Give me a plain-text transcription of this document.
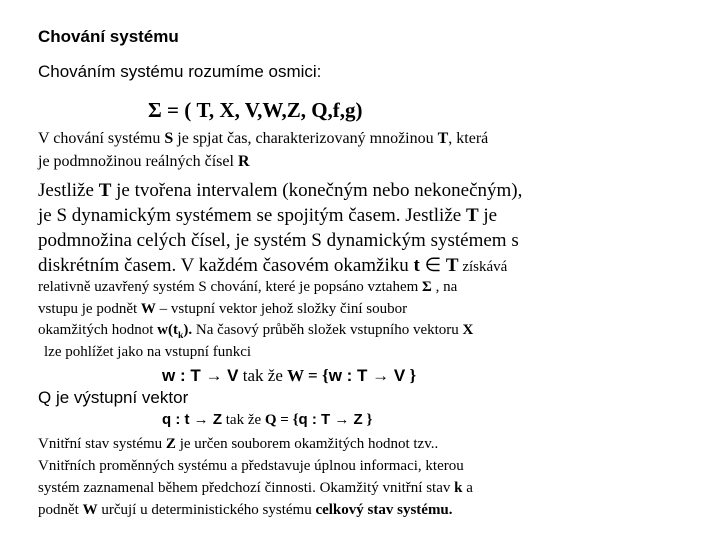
Chování systému
Chováním systému rozumíme osmici:
Σ = ( T, X, V,W,Z, Q,f,g)
V chování systému S je spjat čas, charakterizovaný množinou T, která
je podmnožinou reálných čísel R
Jestliže T je tvořena intervalem (konečným nebo nekonečným),
je S dynamickým systémem se spojitým časem. Jestliže T je
podmnožina celých čísel, je systém S dynamickým systémem s
diskrétním časem. V každém časovém okamžiku t ∈ T získává
relativně uzavřený systém S chování, které je popsáno vztahem Σ , na
vstupu je podnět W – vstupní vektor jehož složky činí soubor
okamžitých hodnot $w(t_k)$. Na časový průběh složek vstupního vektoru X
lze pohlížet jako na vstupní funkci
w : T → V tak že W = {w : T → V }
Q je výstupní vektor
q : t → Z tak že Q = {q : T → Z }
Vnitřní stav systému Z je určen souborem okamžitých hodnot tzv..
Vnitřních proměnných systému a představuje úplnou informaci, kterou
systém zaznamenal během předchozí činnosti. Okamžitý vnitřní stav k a
podnět W určují u deterministického systému celkový stav systému.
